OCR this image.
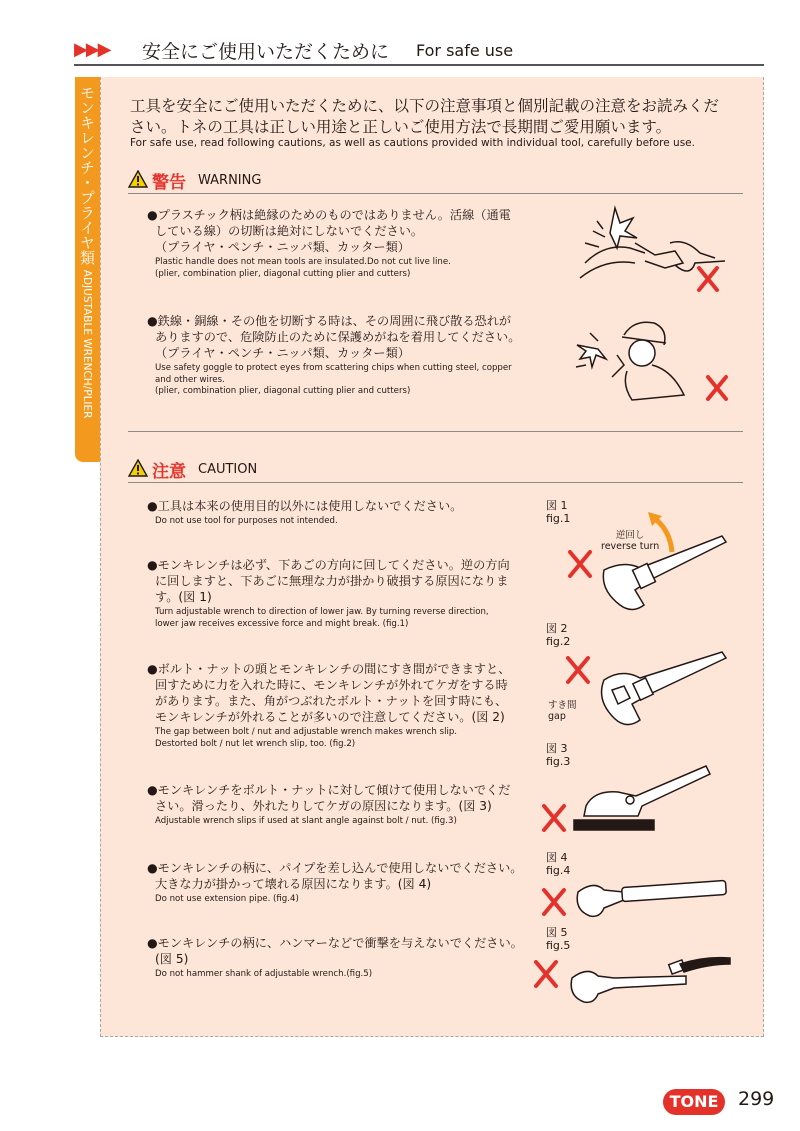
▶▶▶ 安全にご使用いただくために For safe use
モンキレンチ・プライヤ類 ADJUSTABLE WRENCH/PLIER
工具を安全にご使用いただくために、以下の注意事項と個別記載の注意をお読みくだ
さい。トネの工具は正しい用途と正しいご使用方法で長期間ご愛用願います。
For safe use, read following cautions, as well as cautions provided with individual tool, carefully before use.
警告 WARNING
●プラスチック柄は絶縁のためのものではありません。活線（通電
している線）の切断は絶対にしないでください。
（プライヤ・ペンチ・ニッパ類、カッター類）
Plastic handle does not mean tools are insulated.Do not cut live line.
(plier, combination plier, diagonal cutting plier and cutters)
●鉄線・銅線・その他を切断する時は、その周囲に飛び散る恐れが
ありますので、危険防止のために保護めがねを着用してください。
（プライヤ・ペンチ・ニッパ類、カッター類）
Use safety goggle to protect eyes from scattering chips when cutting steel, copper
and other wires.
(plier, combination plier, diagonal cutting plier and cutters)
注意 CAUTION
●工具は本来の使用目的以外には使用しないでください。
Do not use tool for purposes not intended.
●モンキレンチは必ず、下あごの方向に回してください。逆の方向
に回しますと、下あごに無理な力が掛かり破損する原因になりま
す。(図 1)
Turn adjustable wrench to direction of lower jaw. By turning reverse direction,
lower jaw receives excessive force and might break. (fig.1)
●ボルト・ナットの頭とモンキレンチの間にすき間ができますと、
回すために力を入れた時に、モンキレンチが外れてケガをする時
があります。また、角がつぶれたボルト・ナットを回す時にも、
モンキレンチが外れることが多いので注意してください。(図 2)
The gap between bolt / nut and adjustable wrench makes wrench slip.
Destorted bolt / nut let wrench slip, too. (fig.2)
●モンキレンチをボルト・ナットに対して傾けて使用しないでくだ
さい。滑ったり、外れたりしてケガの原因になります。(図 3)
Adjustable wrench slips if used at slant angle against bolt / nut. (fig.3)
●モンキレンチの柄に、パイプを差し込んで使用しないでください。
大きな力が掛かって壊れる原因になります。(図 4)
Do not use extension pipe. (fig.4)
●モンキレンチの柄に、ハンマーなどで衝撃を与えないでください。
(図 5)
Do not hammer shank of adjustable wrench.(fig.5)
図 1
fig.1
図 2
fig.2
図 3
fig.3
図 4
fig.4
図 5
fig.5
逆回し
reverse turn
すき間
gap
TONE	299
